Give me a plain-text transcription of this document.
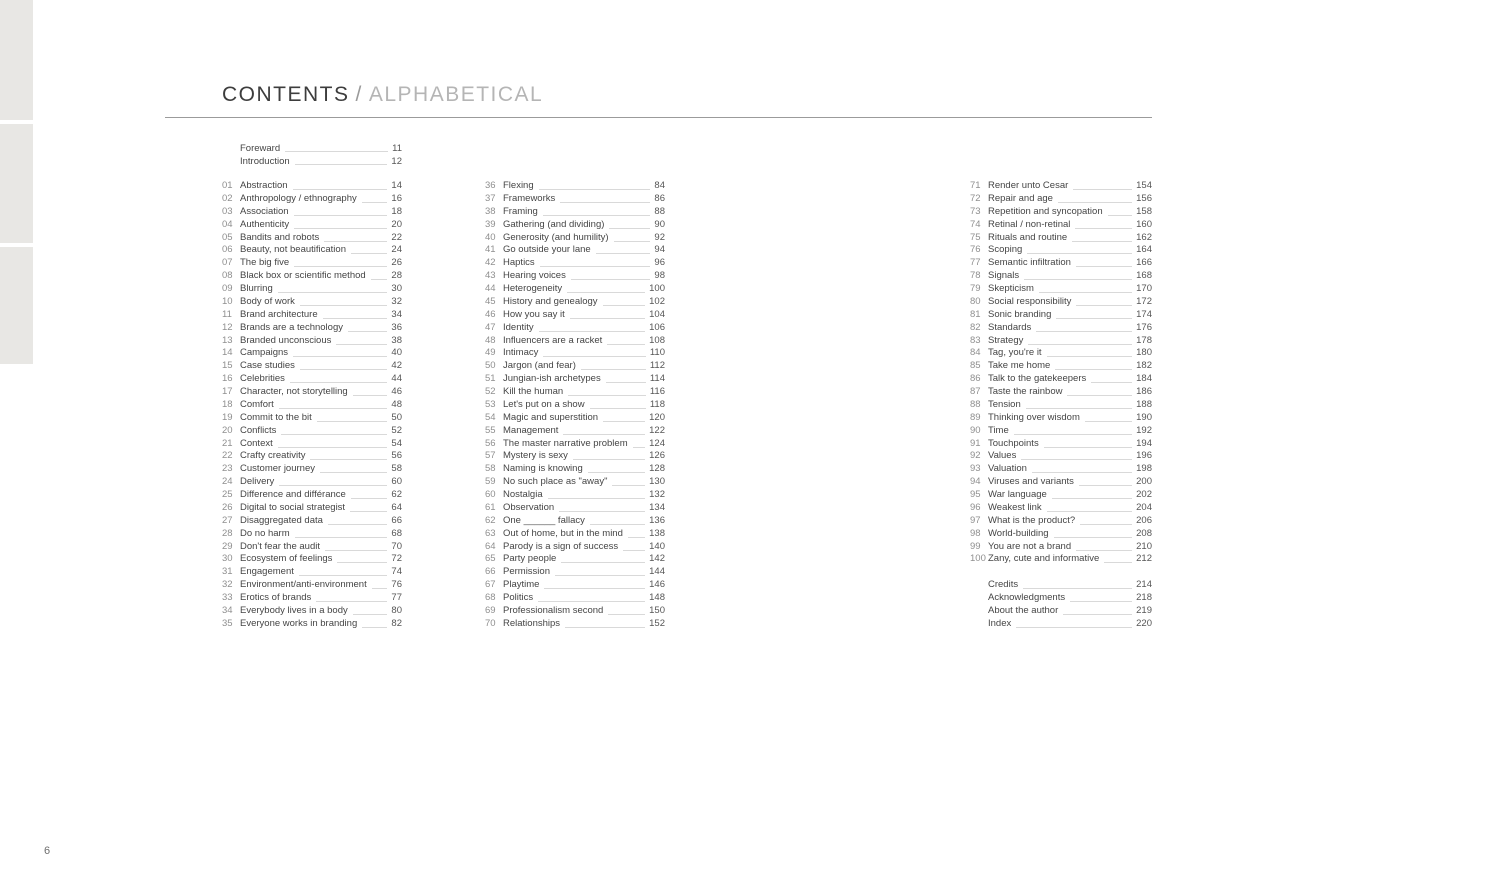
CONTENTS / ALPHABETICAL
Foreward	11
Introduction	12
01 Abstraction	14
02 Anthropology / ethnography	16
03 Association	18
04 Authenticity	20
05 Bandits and robots	22
06 Beauty, not beautification	24
07 The big five	26
08 Black box or scientific method	28
09 Blurring	30
10 Body of work	32
11 Brand architecture	34
12 Brands are a technology	36
13 Branded unconscious	38
14 Campaigns	40
15 Case studies	42
16 Celebrities	44
17 Character, not storytelling	46
18 Comfort	48
19 Commit to the bit	50
20 Conflicts	52
21 Context	54
22 Crafty creativity	56
23 Customer journey	58
24 Delivery	60
25 Difference and différance	62
26 Digital to social strategist	64
27 Disaggregated data	66
28 Do no harm	68
29 Don't fear the audit	70
30 Ecosystem of feelings	72
31 Engagement	74
32 Environment/anti-environment	76
33 Erotics of brands	77
34 Everybody lives in a body	80
35 Everyone works in branding	82
36 Flexing	84
37 Frameworks	86
38 Framing	88
39 Gathering (and dividing)	90
40 Generosity (and humility)	92
41 Go outside your lane	94
42 Haptics	96
43 Hearing voices	98
44 Heterogeneity	100
45 History and genealogy	102
46 How you say it	104
47 Identity	106
48 Influencers are a racket	108
49 Intimacy	110
50 Jargon (and fear)	112
51 Jungian-ish archetypes	114
52 Kill the human	116
53 Let's put on a show	118
54 Magic and superstition	120
55 Management	122
56 The master narrative problem 124
57 Mystery is sexy	126
58 Naming is knowing	128
59 No such place as "away"	130
60 Nostalgia	132
61 Observation	134
62 One ______ fallacy	136
63 Out of home, but in the mind	138
64 Parody is a sign of success	140
65 Party people	142
66 Permission	144
67 Playtime	146
68 Politics	148
69 Professionalism second	150
70 Relationships	152
71 Render unto Cesar	154
72 Repair and age	156
73 Repetition and syncopation	158
74 Retinal / non-retinal	160
75 Rituals and routine	162
76 Scoping	164
77 Semantic infiltration	166
78 Signals	168
79 Skepticism	170
80 Social responsibility	172
81 Sonic branding	174
82 Standards	176
83 Strategy	178
84 Tag, you're it	180
85 Take me home	182
86 Talk to the gatekeepers	184
87 Taste the rainbow	186
88 Tension	188
89 Thinking over wisdom	190
90 Time	192
91 Touchpoints	194
92 Values	196
93 Valuation	198
94 Viruses and variants	200
95 War language	202
96 Weakest link	204
97 What is the product?	206
98 World-building	208
99 You are not a brand	210
100 Zany, cute and informative	212
Credits	214
Acknowledgments	218
About the author	219
Index	220
6
